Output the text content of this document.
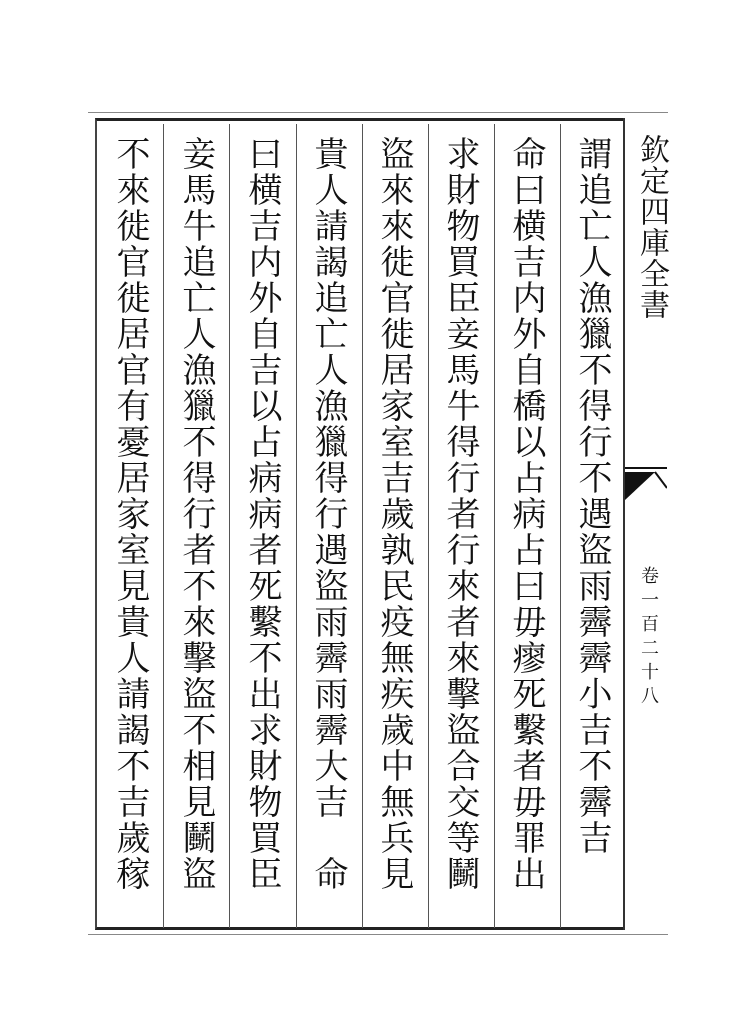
謂追亡人漁獵不得行不遇盜雨霽霽小吉不霽吉
命曰横吉内外自橋以占病占曰毋瘳死繫者毋罪出
求財物買臣妾馬牛得行者行來者來擊盜合交等鬭
盜來來徙官徙居家室吉歲孰民疫無疾歲中無兵見
貴人請謁追亡人漁獵得行遇盜雨霽雨霽大吉　命
曰横吉内外自吉以占病病者死繫不出求財物買臣
妾馬牛追亡人漁獵不得行者不來擊盜不相見鬭盜
不來徙官徙居官有憂居家室見貴人請謁不吉歲稼	欽定四庫全書
卷一百二十八
